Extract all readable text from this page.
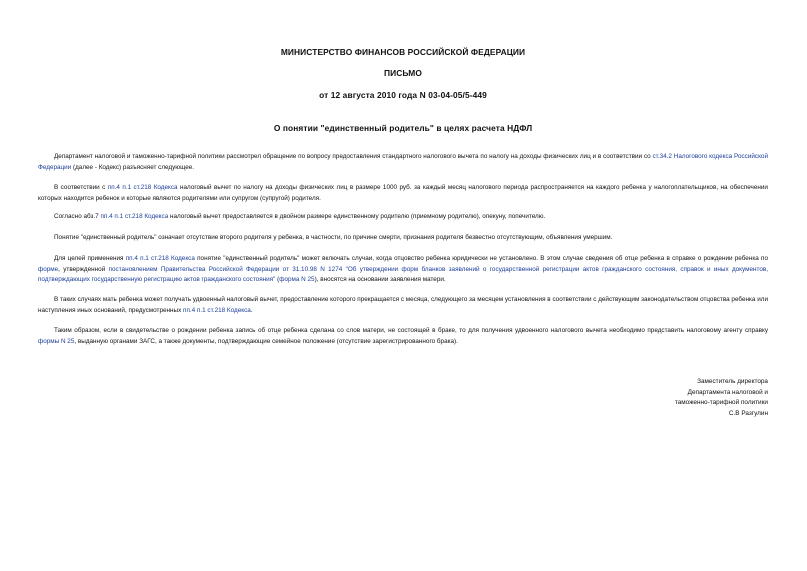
МИНИСТЕРСТВО ФИНАНСОВ РОССИЙСКОЙ ФЕДЕРАЦИИ
ПИСЬМО
от 12 августа 2010 года N 03-04-05/5-449
О понятии "единственный родитель" в целях расчета НДФЛ
Департамент налоговой и таможенно-тарифной политики рассмотрел обращение по вопросу предоставления стандартного налогового вычета по налогу на доходы физических лиц и в соответствии со ст.34.2 Налогового кодекса Российской Федерации (далее - Кодекс) разъясняет следующее.
В соответствии с пп.4 п.1 ст.218 Кодекса налоговый вычет по налогу на доходы физических лиц в размере 1000 руб. за каждый месяц налогового периода распространяется на каждого ребенка у налогоплательщиков, на обеспечении которых находится ребенок и которые являются родителями или супругом (супругой) родителя.
Согласно абз.7 пп.4 п.1 ст.218 Кодекса налоговый вычет предоставляется в двойном размере единственному родителю (приемному родителю), опекуну, попечителю.
Понятие "единственный родитель" означает отсутствие второго родителя у ребенка, в частности, по причине смерти, признания родителя безвестно отсутствующим, объявления умершим.
Для целей применения пп.4 п.1 ст.218 Кодекса понятие "единственный родитель" может включать случаи, когда отцовство ребенка юридически не установлено. В этом случае сведения об отце ребенка в справке о рождении ребенка по форме, утвержденной постановлением Правительства Российской Федерации от 31.10.98 N 1274 "Об утверждении форм бланков заявлений о государственной регистрации актов гражданского состояния, справок и иных документов, подтверждающих государственную регистрацию актов гражданского состояния" (форма N 25), вносятся на основании заявления матери.
В таких случаях мать ребенка может получать удвоенный налоговый вычет, предоставление которого прекращается с месяца, следующего за месяцем установления в соответствии с действующим законодательством отцовства ребенка или наступления иных оснований, предусмотренных пп.4 п.1 ст.218 Кодекса.
Таким образом, если в свидетельстве о рождении ребенка запись об отце ребенка сделана со слов матери, не состоящей в браке, то для получения удвоенного налогового вычета необходимо представить налоговому агенту справку формы N 25, выданную органами ЗАГС, а также документы, подтверждающие семейное положение (отсутствие зарегистрированного брака).
Заместитель директора
Департамента налоговой и
таможенно-тарифной политики
С.В Разгулин
